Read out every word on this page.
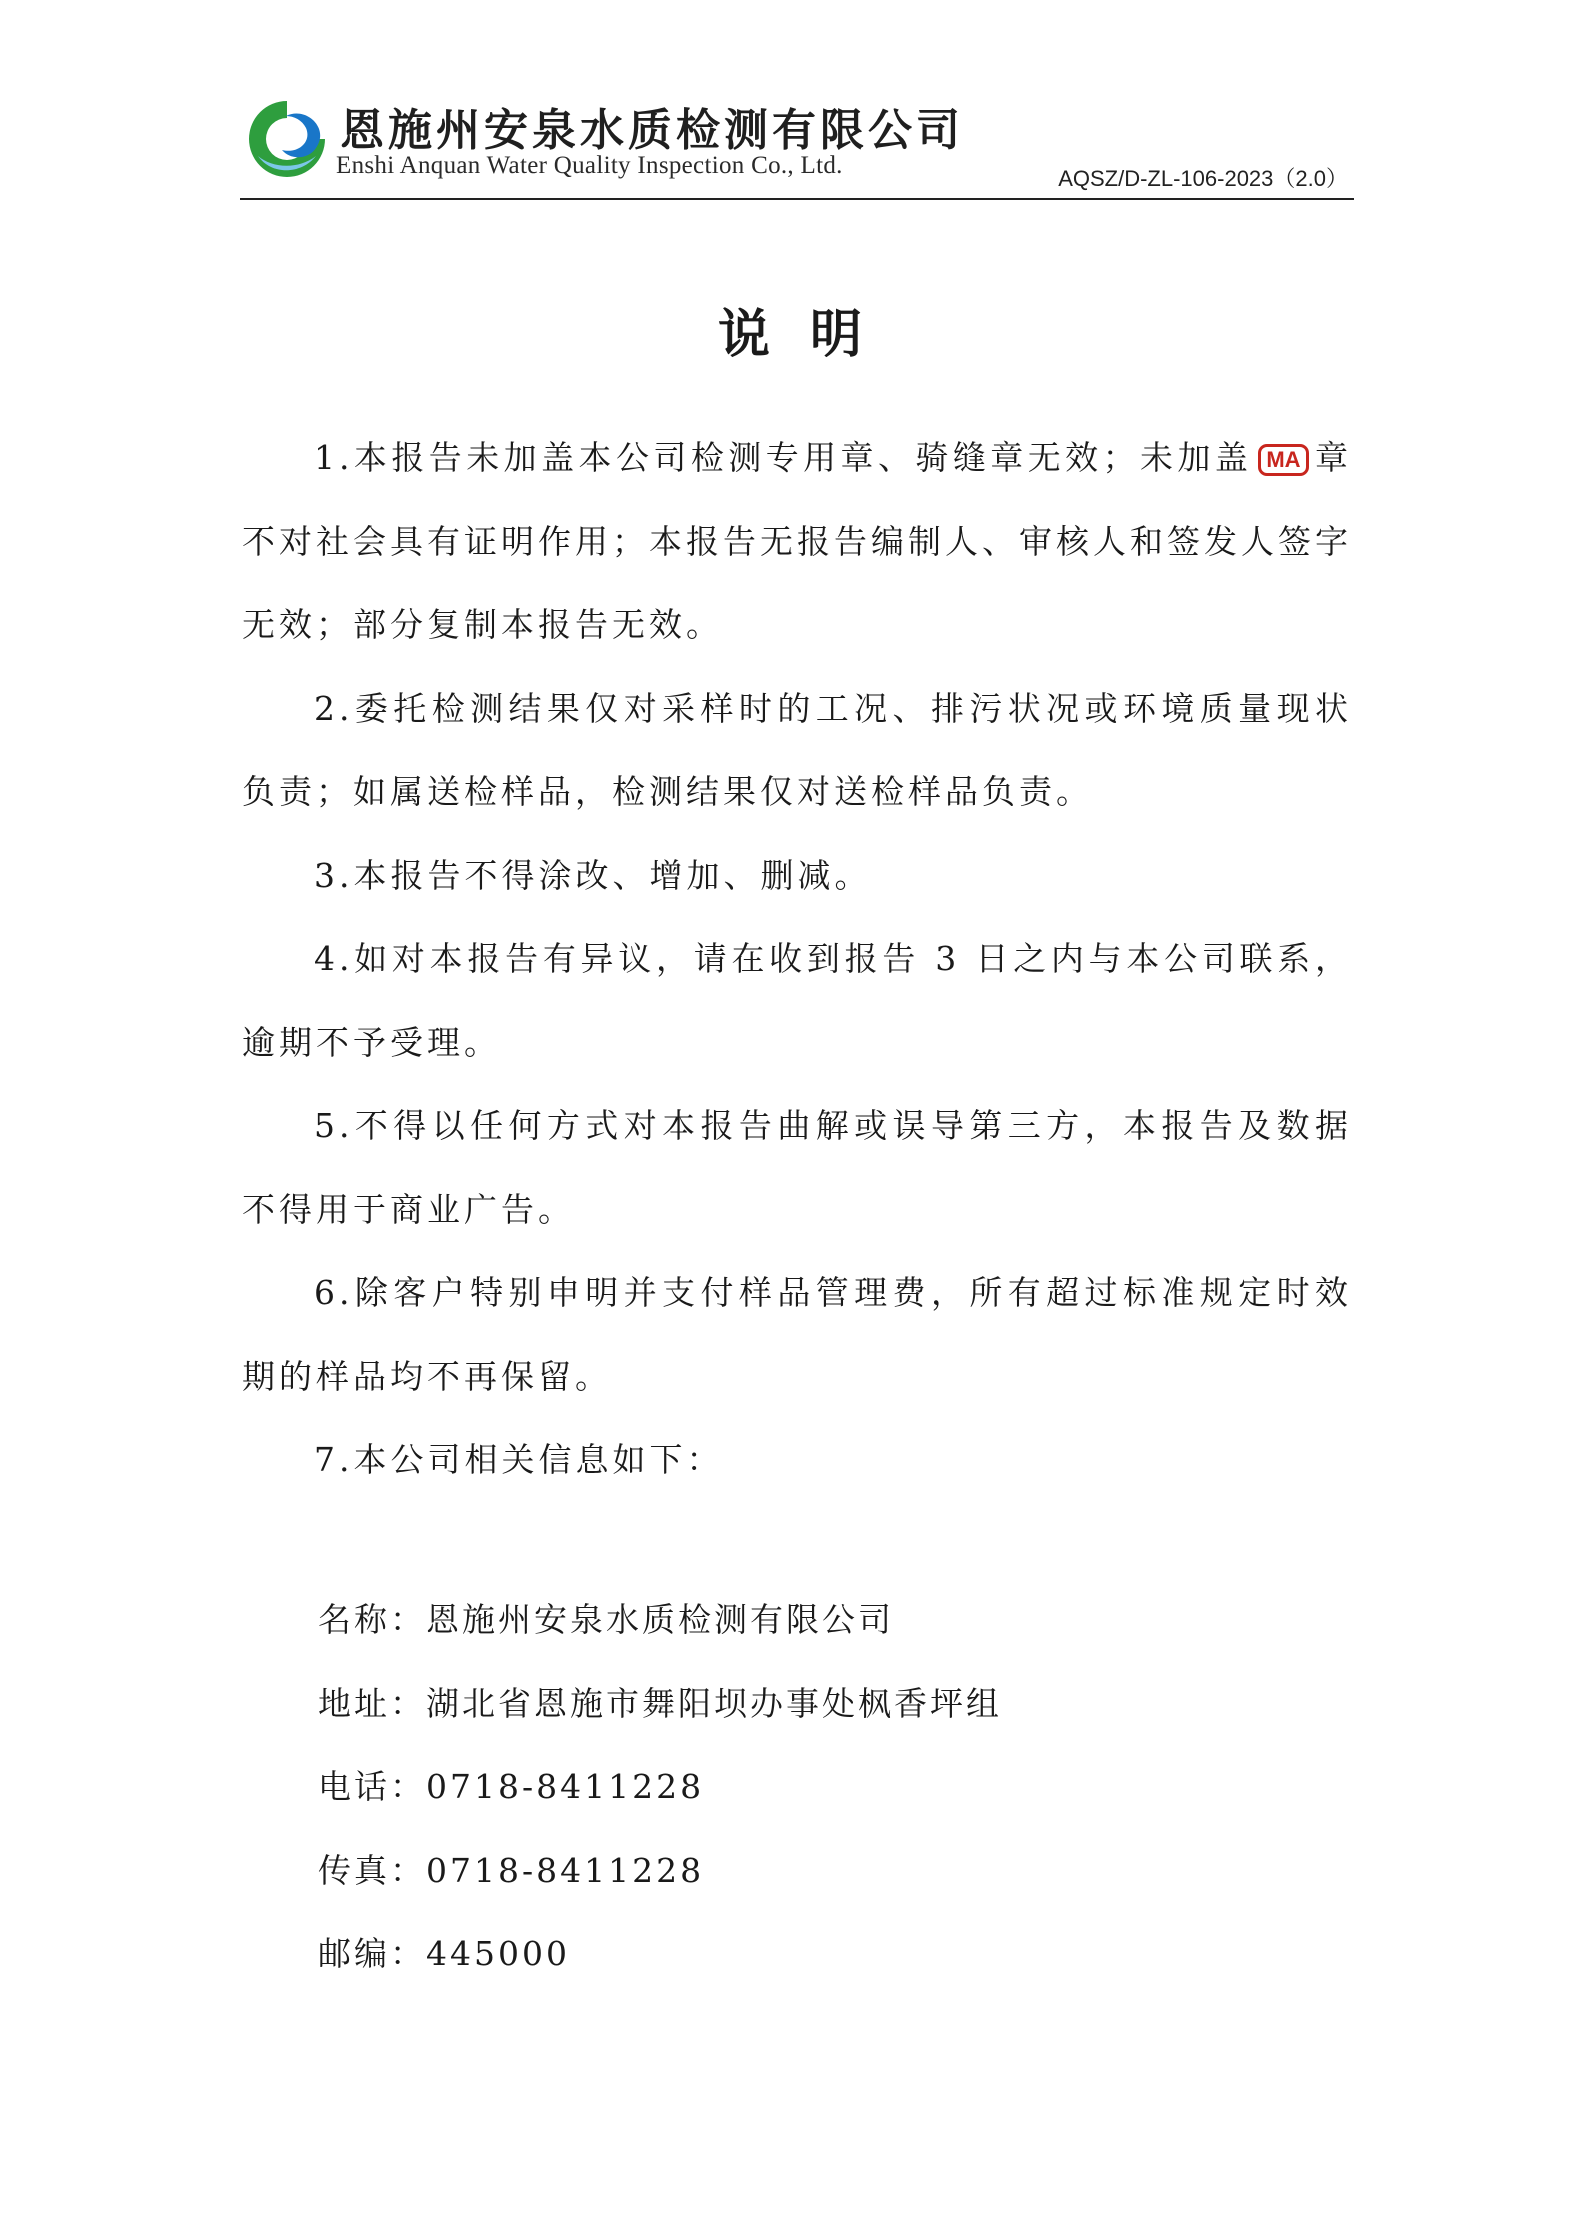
恩施州安泉水质检测有限公司
Enshi Anquan Water Quality Inspection Co., Ltd.	AQSZ/D-ZL-106-2023（2.0）
说明

1.本报告未加盖本公司检测专用章、骑缝章无效；未加盖 MA 章不对社会具有证明作用；本报告无报告编制人、审核人和签发人签字无效；部分复制本报告无效。

2.委托检测结果仅对采样时的工况、排污状况或环境质量现状负责；如属送检样品，检测结果仅对送检样品负责。

3.本报告不得涂改、增加、删减。

4.如对本报告有异议，请在收到报告 3 日之内与本公司联系，逾期不予受理。

5.不得以任何方式对本报告曲解或误导第三方，本报告及数据不得用于商业广告。

6.除客户特别申明并支付样品管理费，所有超过标准规定时效期的样品均不再保留。

7.本公司相关信息如下：

名称：恩施州安泉水质检测有限公司
地址：湖北省恩施市舞阳坝办事处枫香坪组
电话：0718-8411228
传真：0718-8411228
邮编：445000
